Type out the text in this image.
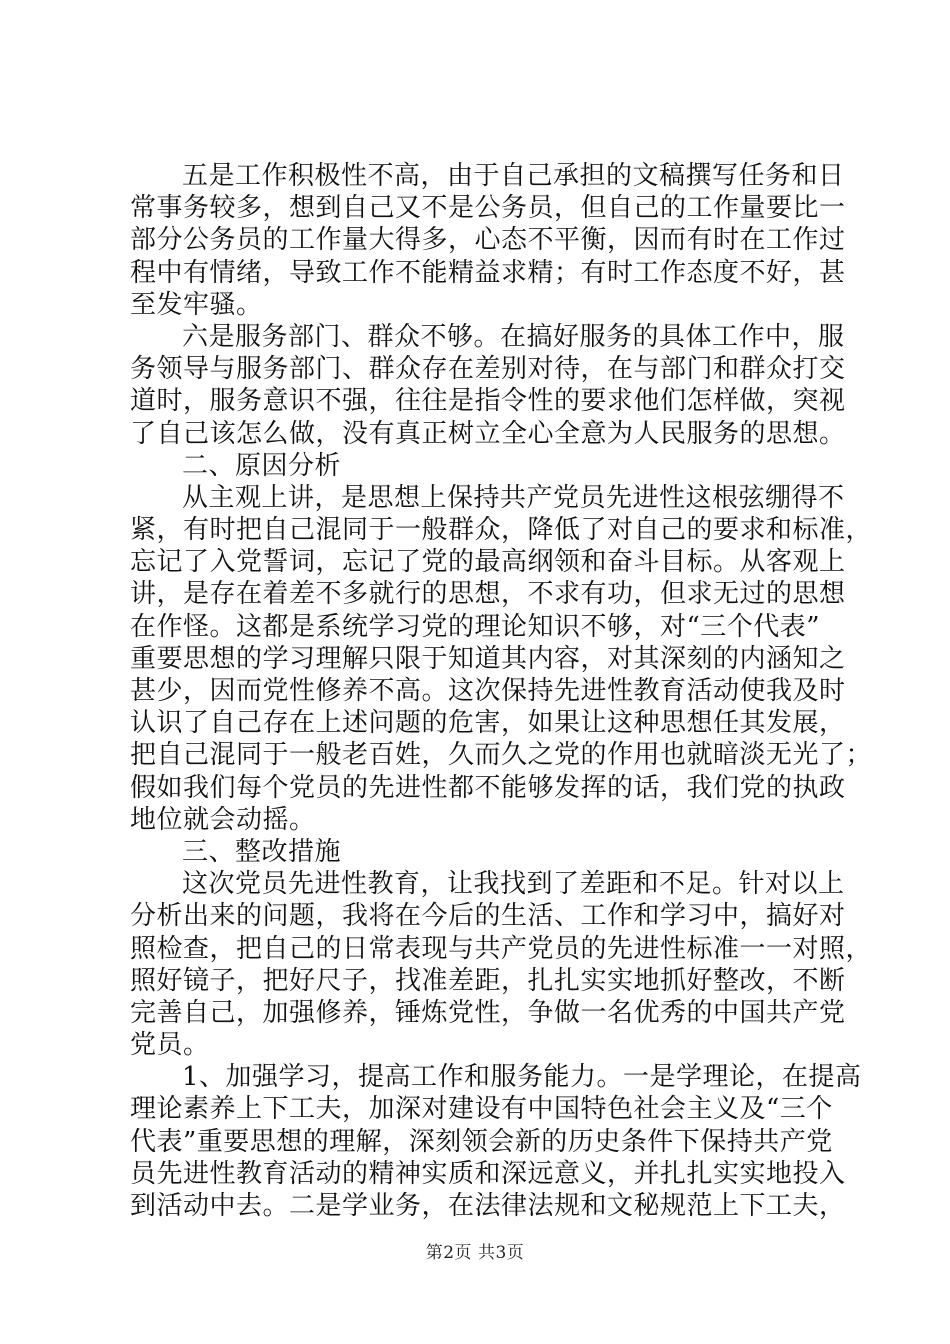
五是工作积极性不高，由于自己承担的文稿撰写任务和日
常事务较多，想到自己又不是公务员，但自己的工作量要比一
部分公务员的工作量大得多，心态不平衡，因而有时在工作过
程中有情绪，导致工作不能精益求精；有时工作态度不好，甚
至发牢骚。
六是服务部门、群众不够。在搞好服务的具体工作中，服
务领导与服务部门、群众存在差别对待，在与部门和群众打交
道时，服务意识不强，往往是指令性的要求他们怎样做，突视
了自己该怎么做，没有真正树立全心全意为人民服务的思想。
二、原因分析
从主观上讲，是思想上保持共产党员先进性这根弦绷得不
紧，有时把自己混同于一般群众，降低了对自己的要求和标准，
忘记了入党誓词，忘记了党的最高纲领和奋斗目标。从客观上
讲，是存在着差不多就行的思想，不求有功，但求无过的思想
在作怪。这都是系统学习党的理论知识不够，对“三个代表”
重要思想的学习理解只限于知道其内容，对其深刻的内涵知之
甚少，因而党性修养不高。这次保持先进性教育活动使我及时
认识了自己存在上述问题的危害，如果让这种思想任其发展，
把自己混同于一般老百姓，久而久之党的作用也就暗淡无光了；
假如我们每个党员的先进性都不能够发挥的话，我们党的执政
地位就会动摇。
三、整改措施
这次党员先进性教育，让我找到了差距和不足。针对以上
分析出来的问题，我将在今后的生活、工作和学习中，搞好对
照检查，把自己的日常表现与共产党员的先进性标准一一对照，
照好镜子，把好尺子，找准差距，扎扎实实地抓好整改，不断
完善自己，加强修养，锤炼党性，争做一名优秀的中国共产党
党员。
1、加强学习，提高工作和服务能力。一是学理论，在提高
理论素养上下工夫，加深对建设有中国特色社会主义及“三个
代表”重要思想的理解，深刻领会新的历史条件下保持共产党
员先进性教育活动的精神实质和深远意义，并扎扎实实地投入
到活动中去。二是学业务，在法律法规和文秘规范上下工夫，
第2页 共3页
